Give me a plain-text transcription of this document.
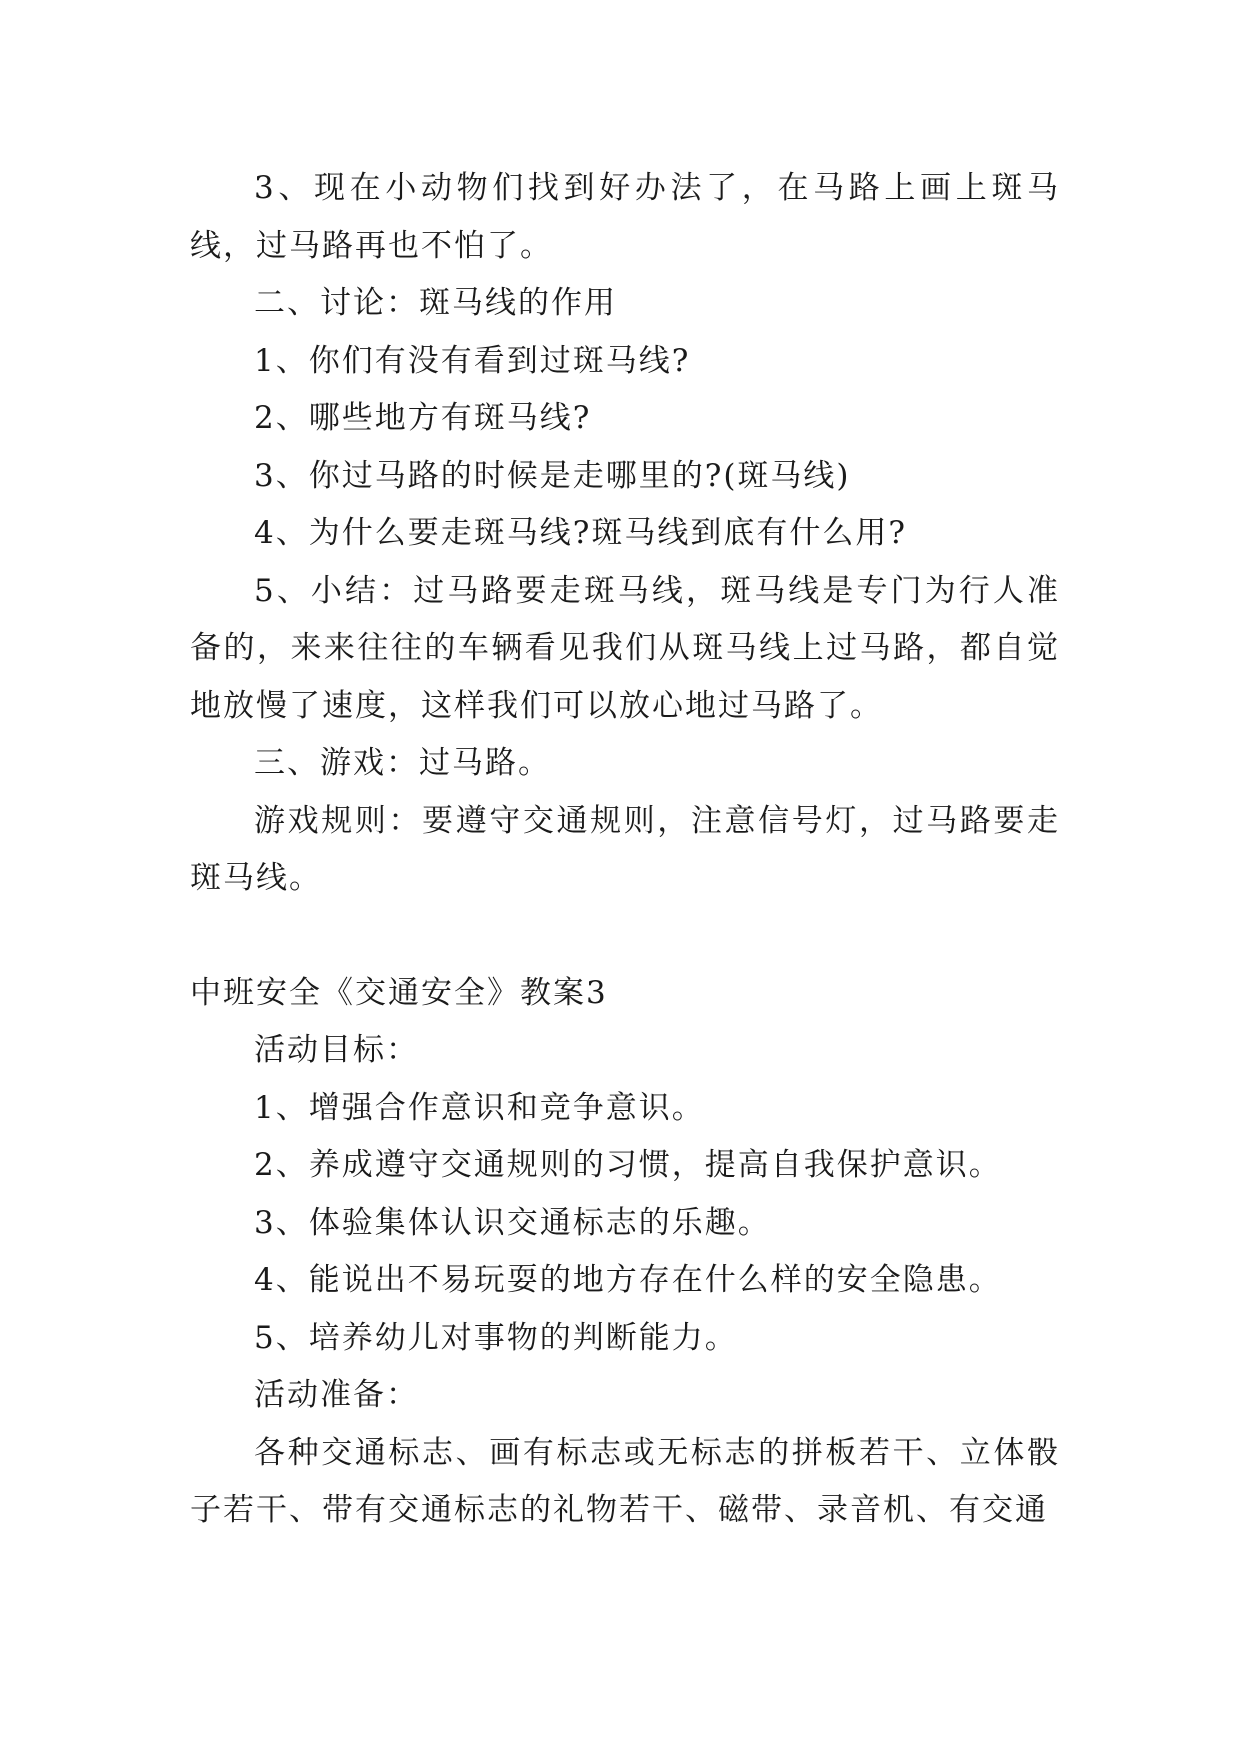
3、现在小动物们找到好办法了，在马路上画上斑马线，过马路再也不怕了。

二、讨论：斑马线的作用

1、你们有没有看到过斑马线?

2、哪些地方有斑马线?

3、你过马路的时候是走哪里的?(斑马线)

4、为什么要走斑马线?斑马线到底有什么用?

5、小结：过马路要走斑马线，斑马线是专门为行人准备的，来来往往的车辆看见我们从斑马线上过马路，都自觉地放慢了速度，这样我们可以放心地过马路了。

三、游戏：过马路。

游戏规则：要遵守交通规则，注意信号灯，过马路要走斑马线。

中班安全《交通安全》教案3

活动目标：

1、增强合作意识和竞争意识。

2、养成遵守交通规则的习惯，提高自我保护意识。

3、体验集体认识交通标志的乐趣。

4、能说出不易玩耍的地方存在什么样的安全隐患。

5、培养幼儿对事物的判断能力。

活动准备：

各种交通标志、画有标志或无标志的拼板若干、立体骰子若干、带有交通标志的礼物若干、磁带、录音机、有交通
